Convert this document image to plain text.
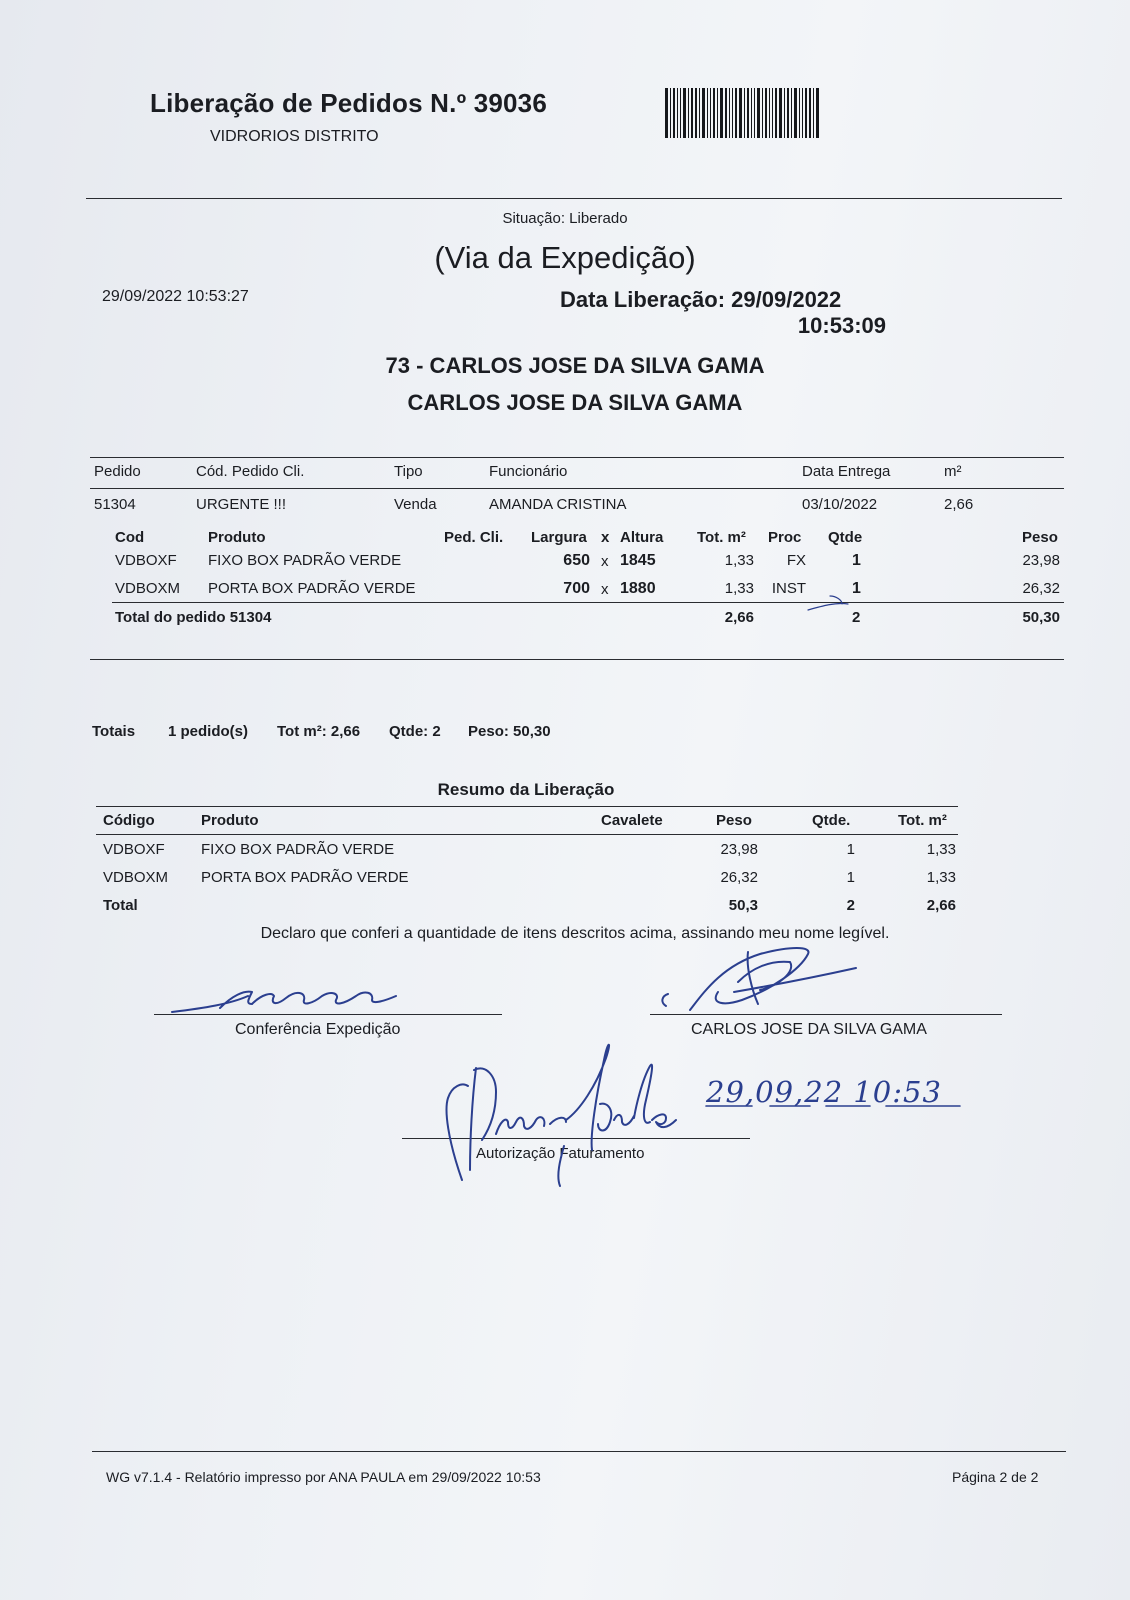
Liberação de Pedidos N.º 39036
VIDRORIOS DISTRITO
Situação: Liberado
(Via da Expedição)
29/09/2022 10:53:27	Data Liberação: 29/09/2022
10:53:09
73 - CARLOS JOSE DA SILVA GAMA
CARLOS JOSE DA SILVA GAMA
Pedido	Cód. Pedido Cli.	Tipo	Funcionário	Data Entrega	m²
51304	URGENTE !!!	Venda	AMANDA CRISTINA	03/10/2022	2,66
Cod	Produto	Ped. Cli. Largura x Altura Tot. m² Proc Qtde	Peso
VDBOXF FIXO BOX PADRÃO VERDE	650 x 1845	1,33	FX	1	23,98
VDBOXM PORTA BOX PADRÃO VERDE	700 x 1880	1,33	INST	1	26,32
Total do pedido 51304	2,66	2	50,30
Totais 1 pedido(s) Tot m²: 2,66 Qtde: 2 Peso: 50,30
Resumo da Liberação
Código	Produto	Cavalete	Peso	Qtde.	Tot. m²
VDBOXF FIXO BOX PADRÃO VERDE	23,98	1	1,33
VDBOXM PORTA BOX PADRÃO VERDE	26,32	1	1,33
Total	50,3	2	2,66
Declaro que conferi a quantidade de itens descritos acima, assinando meu nome legível.
Conferência Expedição	CARLOS JOSE DA SILVA GAMA
Autorização Faturamento
WG v7.1.4 - Relatório impresso por ANA PAULA em 29/09/2022 10:53	Página 2 de 2
29,09,22 10:53
